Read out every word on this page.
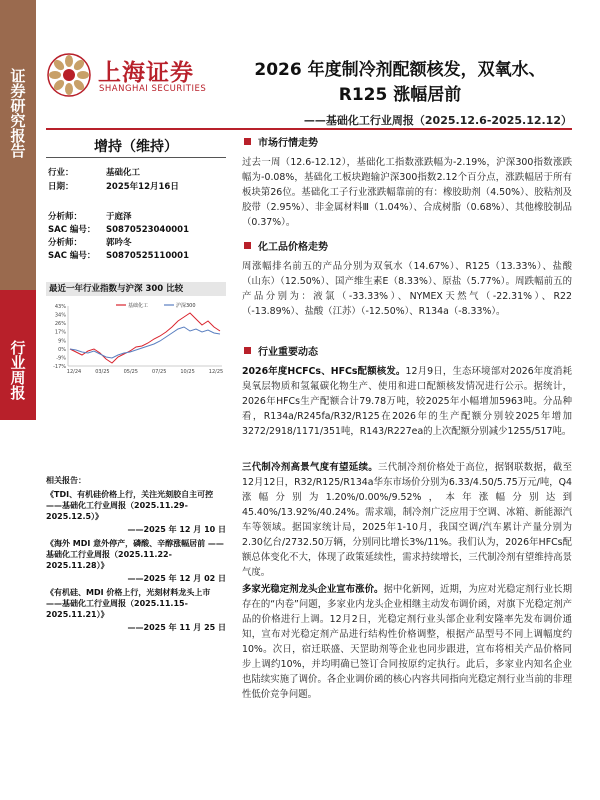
证券研究报告
行业周报
上海证券
SHANGHAI SECURITIES
2026 年度制冷剂配额核发，双氧水、
R125 涨幅居前
——基础化工行业周报（2025.12.6-2025.12.12）
增持（维持）
行业：	基础化工
日期：	2025年12月16日
分析师：	于庭泽
SAC 编号： S0870523040001
分析师：	郭吟冬
SAC 编号： S0870525110001
最近一年行业指数与沪深 300 比较
-17%
-9%
0%
9%
17%
26%
34%
43%
12/24	03/25	05/25	07/25	10/25	12/25
基础化工	沪深300
相关报告：
《TDI、有机硅价格上行，关注光刻胶自主可控 ——基础化工行业周报（2025.11.29-2025.12.5）》
——2025 年 12 月 10 日
《海外 MDI 意外停产，磷酸、辛醇涨幅居前 ——基础化工行业周报（2025.11.22-2025.11.28）》
——2025 年 12 月 02 日
《有机硅、MDI 价格上行，光刻材料龙头上市 ——基础化工行业周报（2025.11.15-2025.11.21）》
——2025 年 11 月 25 日
市场行情走势
过去一周（12.6-12.12），基础化工指数涨跌幅为-2.19%，沪深300指数涨跌幅为-0.08%，基础化工板块跑输沪深300指数2.12个百分点，涨跌幅居于所有板块第26位。基础化工子行业涨跌幅靠前的有：橡胶助剂（4.50%）、胶粘剂及胶带（2.95%）、非金属材料Ⅲ（1.04%）、合成树脂（0.68%）、其他橡胶制品（0.37%）。
化工品价格走势
周涨幅排名前五的产品分别为双氧水（14.67%）、R125（13.33%）、盐酸（山东）（12.50%）、国产维生素E（8.33%）、原盐（5.77%）。周跌幅前五的产品分别为：液氯（-33.33%）、NYMEX天然气（-22.31%）、R22（-13.89%）、盐酸（江苏）（-12.50%）、R134a（-8.33%）。
行业重要动态
2026年度HCFCs、HFCs配额核发。12月9日，生态环境部对2026年度消耗臭氧层物质和氢氟碳化物生产、使用和进口配额核发情况进行公示。据统计，2026年HFCs生产配额合计79.78万吨，较2025年小幅增加5963吨。分品种看，R134a/R245fa/R32/R125在2026年的生产配额分别较2025年增加3272/2918/1171/351吨，R143/R227ea的上次配额分别减少1255/517吨。
三代制冷剂高景气度有望延续。三代制冷剂价格处于高位，据钢联数据，截至12月12日，R32/R125/R134a华东市场价分别为6.33/4.50/5.75万元/吨，Q4涨幅分别为1.20%/0.00%/9.52%，本年涨幅分别达到45.40%/13.92%/40.24%。需求端，制冷剂广泛应用于空调、冰箱、新能源汽车等领域。据国家统计局，2025年1-10月，我国空调/汽车累计产量分别为2.30亿台/2732.50万辆，分别同比增长3%/11%。我们认为，2026年HFCs配额总体变化不大，体现了政策延续性，需求持续增长，三代制冷剂有望维持高景气度。
多家光稳定剂龙头企业宣布涨价。据中化新网，近期，为应对光稳定剂行业长期存在的“内卷”问题，多家业内龙头企业相继主动发布调价函，对旗下光稳定剂产品的价格进行上调。12月2日，光稳定剂行业头部企业利安隆率先发布调价通知，宣布对光稳定剂产品进行结构性价格调整，根据产品型号不同上调幅度约10%。次日，宿迁联盛、天罡助剂等企业也同步跟进，宣布将相关产品价格同步上调约10%，并均明确已签订合同按原约定执行。此后，多家业内知名企业也陆续实施了调价。各企业调价函的核心内容共同指向光稳定剂行业当前的非理性低价竞争问题。
